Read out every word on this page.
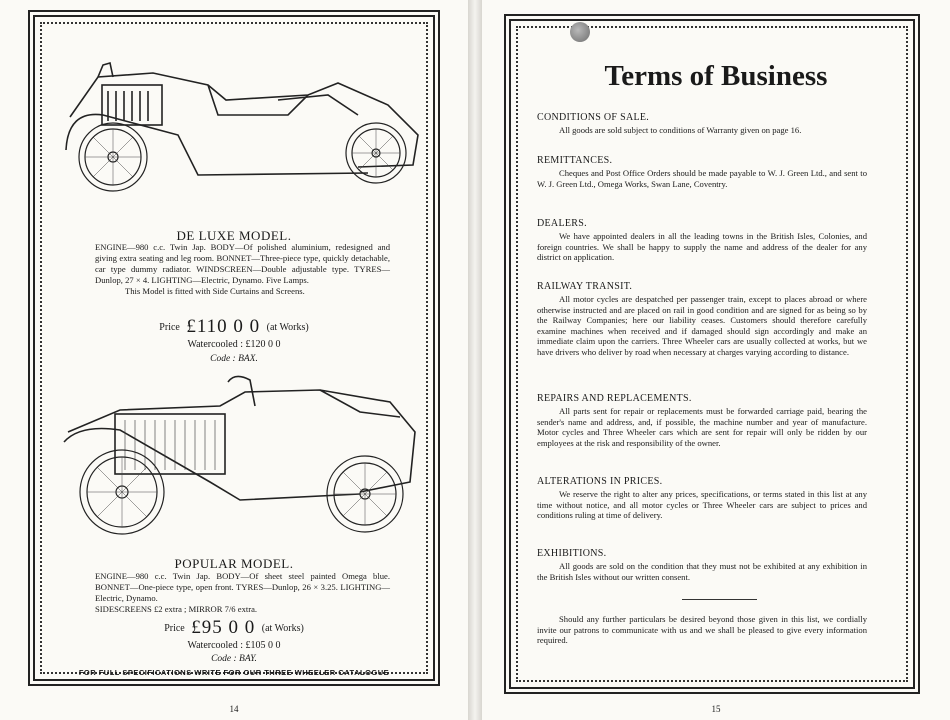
DE LUXE MODEL.

ENGINE—980 c.c. Twin Jap. BODY—Of polished aluminium, redesigned and giving extra seating and leg room. BONNET—Three-piece type, quickly detachable, car type dummy radiator. WINDSCREEN—Double adjustable type. TYRES—Dunlop, 27 × 4. LIGHTING—Electric, Dynamo. Five Lamps.

This Model is fitted with Side Curtains and Screens.

Price £110 0 0 (at Works)
Watercooled : £120 0 0
Code : BAX.
POPULAR MODEL.

ENGINE—980 c.c. Twin Jap. BODY—Of sheet steel painted Omega blue. BONNET—One-piece type, open front. TYRES—Dunlop, 26 × 3.25. LIGHTING—Electric, Dynamo.

SIDESCREENS £2 extra ; MIRROR 7/6 extra.

Price £95 0 0 (at Works)
Watercooled : £105 0 0
Code : BAY.
FOR FULL SPECIFICATIONS WRITE FOR OUR THREE WHEELER CATALOGUE
14
Terms of Business
CONDITIONS OF SALE.

All goods are sold subject to conditions of Warranty given on page 16.

REMITTANCES.

Cheques and Post Office Orders should be made payable to W. J. Green Ltd., and sent to W. J. Green Ltd., Omega Works, Swan Lane, Coventry.

DEALERS.

We have appointed dealers in all the leading towns in the British Isles, Colonies, and foreign countries. We shall be happy to supply the name and address of the dealer for any district on application.

RAILWAY TRANSIT.

All motor cycles are despatched per passenger train, except to places abroad or where otherwise instructed and are placed on rail in good condition and are signed for as being so by the Railway Companies; here our liability ceases. Customers should therefore carefully examine machines when received and if damaged should sign accordingly and make an immediate claim upon the carriers. Three Wheeler cars are usually collected at works, but we have drivers who deliver by road when necessary at charges varying according to distance.

REPAIRS AND REPLACEMENTS.

All parts sent for repair or replacements must be forwarded carriage paid, bearing the sender's name and address, and, if possible, the machine number and year of manufacture. Motor cycles and Three Wheeler cars which are sent for repair will only be ridden by our employees at the risk and responsibility of the owner.

ALTERATIONS IN PRICES.

We reserve the right to alter any prices, specifications, or terms stated in this list at any time without notice, and all motor cycles or Three Wheeler cars are subject to prices and conditions ruling at time of delivery.

EXHIBITIONS.

All goods are sold on the condition that they must not be exhibited at any exhibition in the British Isles without our written consent.

Should any further particulars be desired beyond those given in this list, we cordially invite our patrons to communicate with us and we shall be pleased to give every information required.

15
